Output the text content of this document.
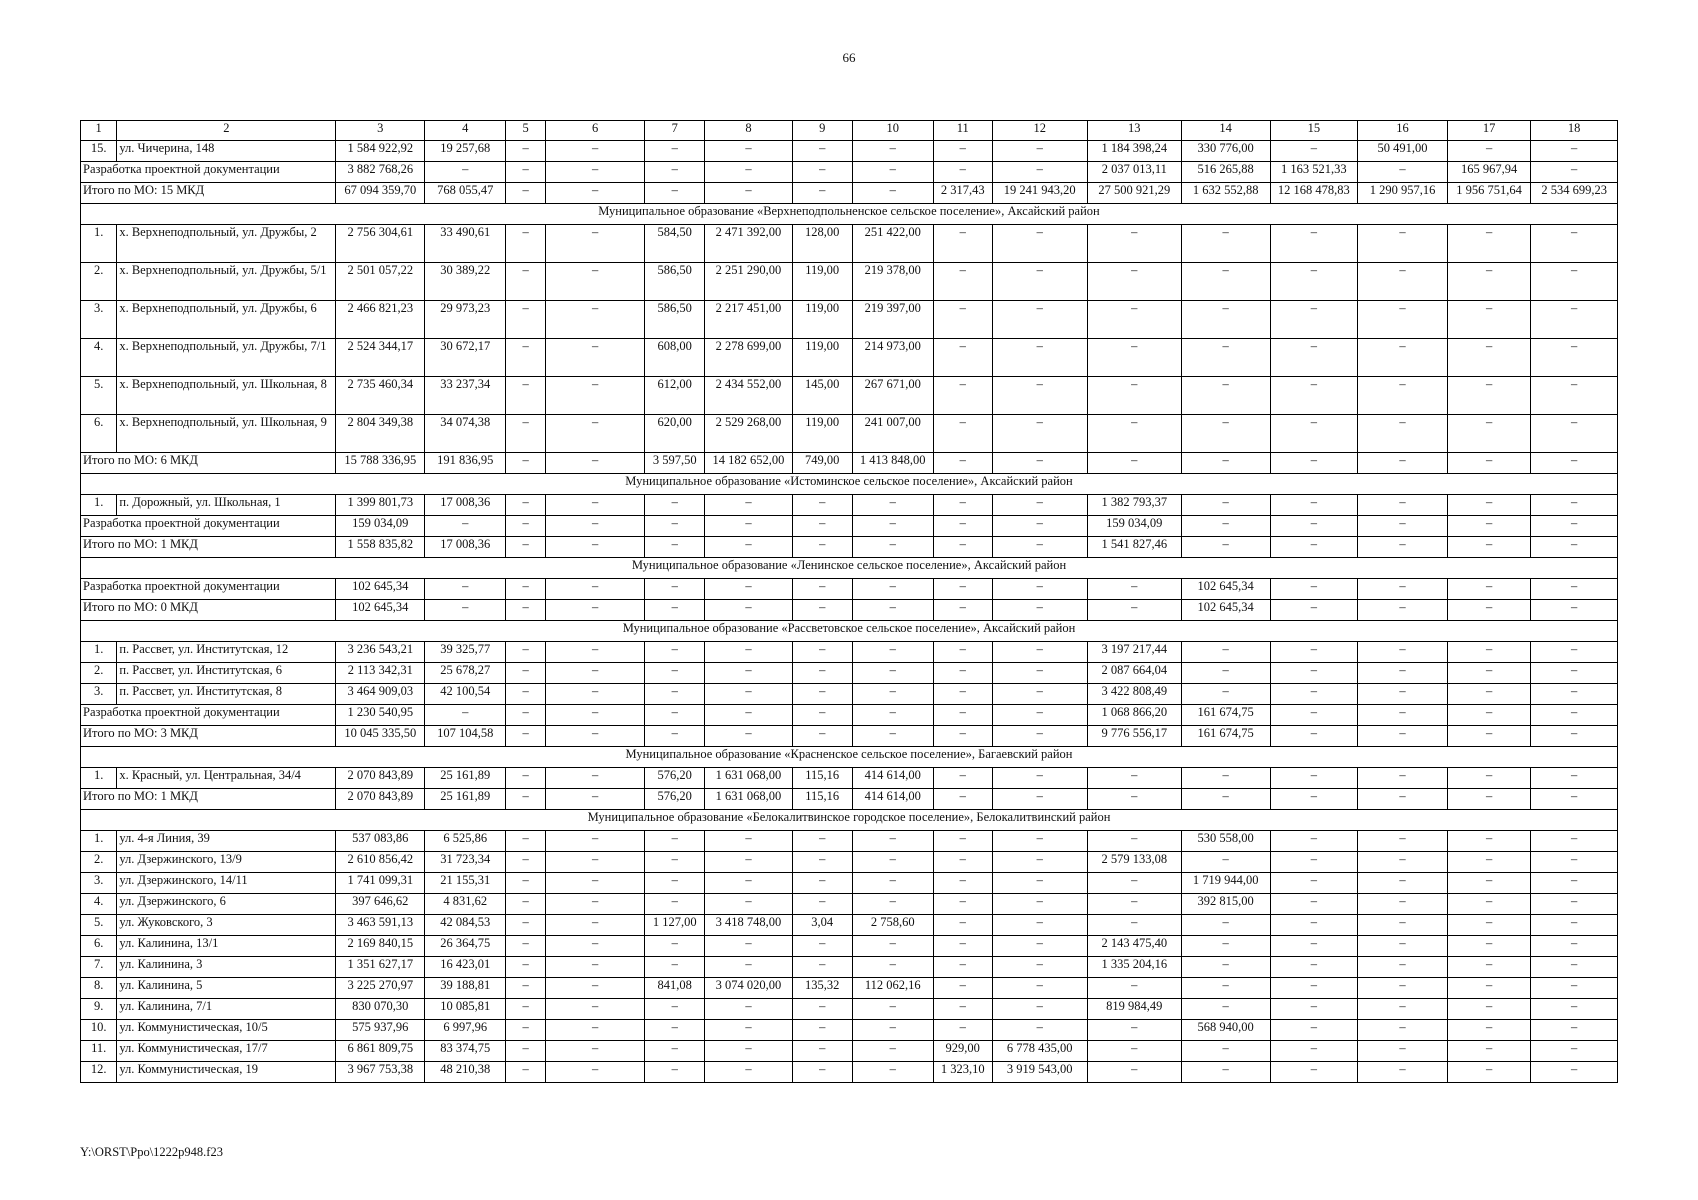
66
1	2	3	4	5	6	7	8	9	10	11	12	13	14	15	16	17	18
15.	ул. Чичерина, 148	1 584 922,92	19 257,68	–	–	–	–	–	–	–	–	1 184 398,24	330 776,00	–	50 491,00	–	–
Разработка проектной документации		3 882 768,26	–	–	–	–	–	–	–	–	–	2 037 013,11	516 265,88	1 163 521,33	–	165 967,94	–
Итого по МО: 15 МКД		67 094 359,70	768 055,47	–	–	–	–	–	–	2 317,43	19 241 943,20	27 500 921,29	1 632 552,88	12 168 478,83	1 290 957,16	1 956 751,64	2 534 699,23
Муниципальное образование «Верхнеподпольненское сельское поселение», Аксайский район																	
1.	х. Верхнеподпольный, ул. Дружбы, 2	2 756 304,61	33 490,61	–	–	584,50	2 471 392,00	128,00	251 422,00	–	–	–	–	–	–	–	–
2.	х. Верхнеподпольный, ул. Дружбы, 5/1	2 501 057,22	30 389,22	–	–	586,50	2 251 290,00	119,00	219 378,00	–	–	–	–	–	–	–	–
3.	х. Верхнеподпольный, ул. Дружбы, 6	2 466 821,23	29 973,23	–	–	586,50	2 217 451,00	119,00	219 397,00	–	–	–	–	–	–	–	–
4.	х. Верхнеподпольный, ул. Дружбы, 7/1	2 524 344,17	30 672,17	–	–	608,00	2 278 699,00	119,00	214 973,00	–	–	–	–	–	–	–	–
5.	х. Верхнеподпольный, ул. Школьная, 8	2 735 460,34	33 237,34	–	–	612,00	2 434 552,00	145,00	267 671,00	–	–	–	–	–	–	–	–
6.	х. Верхнеподпольный, ул. Школьная, 9	2 804 349,38	34 074,38	–	–	620,00	2 529 268,00	119,00	241 007,00	–	–	–	–	–	–	–	–
Итого по МО: 6 МКД		15 788 336,95	191 836,95	–	–	3 597,50	14 182 652,00	749,00	1 413 848,00	–	–	–	–	–	–	–	–
Муниципальное образование «Истоминское сельское поселение», Аксайский район																	
1.	п. Дорожный, ул. Школьная, 1	1 399 801,73	17 008,36	–	–	–	–	–	–	–	–	1 382 793,37	–	–	–	–	–
Разработка проектной документации		159 034,09	–	–	–	–	–	–	–	–	–	159 034,09	–	–	–	–	–
Итого по МО: 1 МКД		1 558 835,82	17 008,36	–	–	–	–	–	–	–	–	1 541 827,46	–	–	–	–	–
Муниципальное образование «Ленинское сельское поселение», Аксайский район																	
Разработка проектной документации		102 645,34	–	–	–	–	–	–	–	–	–	–	102 645,34	–	–	–	–
Итого по МО: 0 МКД		102 645,34	–	–	–	–	–	–	–	–	–	–	102 645,34	–	–	–	–
Муниципальное образование «Рассветовское сельское поселение», Аксайский район																	
1.	п. Рассвет, ул. Институтская, 12	3 236 543,21	39 325,77	–	–	–	–	–	–	–	–	3 197 217,44	–	–	–	–	–
2.	п. Рассвет, ул. Институтская, 6	2 113 342,31	25 678,27	–	–	–	–	–	–	–	–	2 087 664,04	–	–	–	–	–
3.	п. Рассвет, ул. Институтская, 8	3 464 909,03	42 100,54	–	–	–	–	–	–	–	–	3 422 808,49	–	–	–	–	–
Разработка проектной документации		1 230 540,95	–	–	–	–	–	–	–	–	–	1 068 866,20	161 674,75	–	–	–	–
Итого по МО: 3 МКД		10 045 335,50	107 104,58	–	–	–	–	–	–	–	–	9 776 556,17	161 674,75	–	–	–	–
Муниципальное образование «Красненское сельское поселение», Багаевский район																	
1.	х. Красный, ул. Центральная, 34/4	2 070 843,89	25 161,89	–	–	576,20	1 631 068,00	115,16	414 614,00	–	–	–	–	–	–	–	–
Итого по МО: 1 МКД		2 070 843,89	25 161,89	–	–	576,20	1 631 068,00	115,16	414 614,00	–	–	–	–	–	–	–	–
Муниципальное образование «Белокалитвинское городское поселение», Белокалитвинский район																	
1.	ул. 4-я Линия, 39	537 083,86	6 525,86	–	–	–	–	–	–	–	–	–	530 558,00	–	–	–	–
2.	ул. Дзержинского, 13/9	2 610 856,42	31 723,34	–	–	–	–	–	–	–	–	2 579 133,08	–	–	–	–	–
3.	ул. Дзержинского, 14/11	1 741 099,31	21 155,31	–	–	–	–	–	–	–	–	–	1 719 944,00	–	–	–	–
4.	ул. Дзержинского, 6	397 646,62	4 831,62	–	–	–	–	–	–	–	–	–	392 815,00	–	–	–	–
5.	ул. Жуковского, 3	3 463 591,13	42 084,53	–	–	1 127,00	3 418 748,00	3,04	2 758,60	–	–	–	–	–	–	–	–
6.	ул. Калинина, 13/1	2 169 840,15	26 364,75	–	–	–	–	–	–	–	–	2 143 475,40	–	–	–	–	–
7.	ул. Калинина, 3	1 351 627,17	16 423,01	–	–	–	–	–	–	–	–	1 335 204,16	–	–	–	–	–
8.	ул. Калинина, 5	3 225 270,97	39 188,81	–	–	841,08	3 074 020,00	135,32	112 062,16	–	–	–	–	–	–	–	–
9.	ул. Калинина, 7/1	830 070,30	10 085,81	–	–	–	–	–	–	–	–	819 984,49	–	–	–	–	–
10.	ул. Коммунистическая, 10/5	575 937,96	6 997,96	–	–	–	–	–	–	–	–	–	568 940,00	–	–	–	–
11.	ул. Коммунистическая, 17/7	6 861 809,75	83 374,75	–	–	–	–	–	–	929,00	6 778 435,00	–	–	–	–	–	–
12.	ул. Коммунистическая, 19	3 967 753,38	48 210,38	–	–	–	–	–	–	1 323,10	3 919 543,00	–	–	–	–	–	–
Y:\ORST\Ppo\1222p948.f23
